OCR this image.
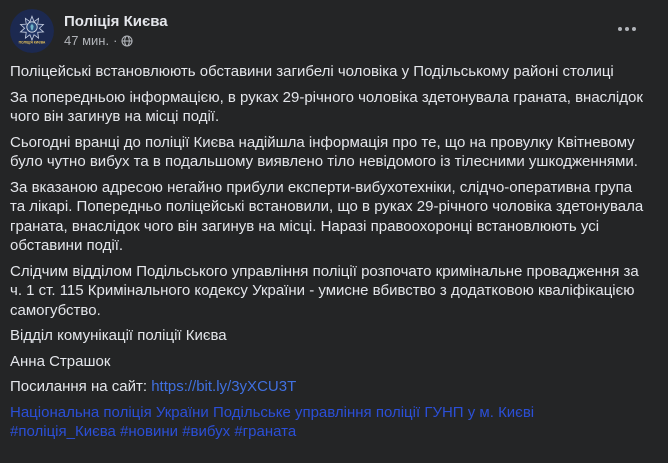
ПОЛІЦІЯ КИЄВА
Поліція Києва
47 мин. ·

Поліцейські встановлюють обставини загибелі чоловіка у Подільському районі столиці

За попередньою інформацією, в руках 29-річного чоловіка здетонувала граната, внаслідок чого він загинув на місці події.

Сьогодні вранці до поліції Києва надійшла інформація про те, що на провулку Квітневому було чутно вибух та в подальшому виявлено тіло невідомого із тілесними ушкодженнями.

За вказаною адресою негайно прибули експерти-вибухотехніки, слідчо-оперативна група та лікарі. Попередньо поліцейські встановили, що в руках 29-річного чоловіка здетонувала граната, внаслідок чого він загинув на місці. Наразі правоохоронці встановлюють усі обставини події.

Слідчим відділом Подільського управління поліції розпочато кримінальне провадження за ч. 1 ст. 115 Кримінального кодексу України - умисне вбивство з додатковою кваліфікацією самогубство.

Відділ комунікації поліції Києва

Анна Страшок

Посилання на сайт: https://bit.ly/3yXCU3T

Національна поліція України Подільське управління поліції ГУНП у м. Києві
#поліція_Києва #новини #вибух #граната
